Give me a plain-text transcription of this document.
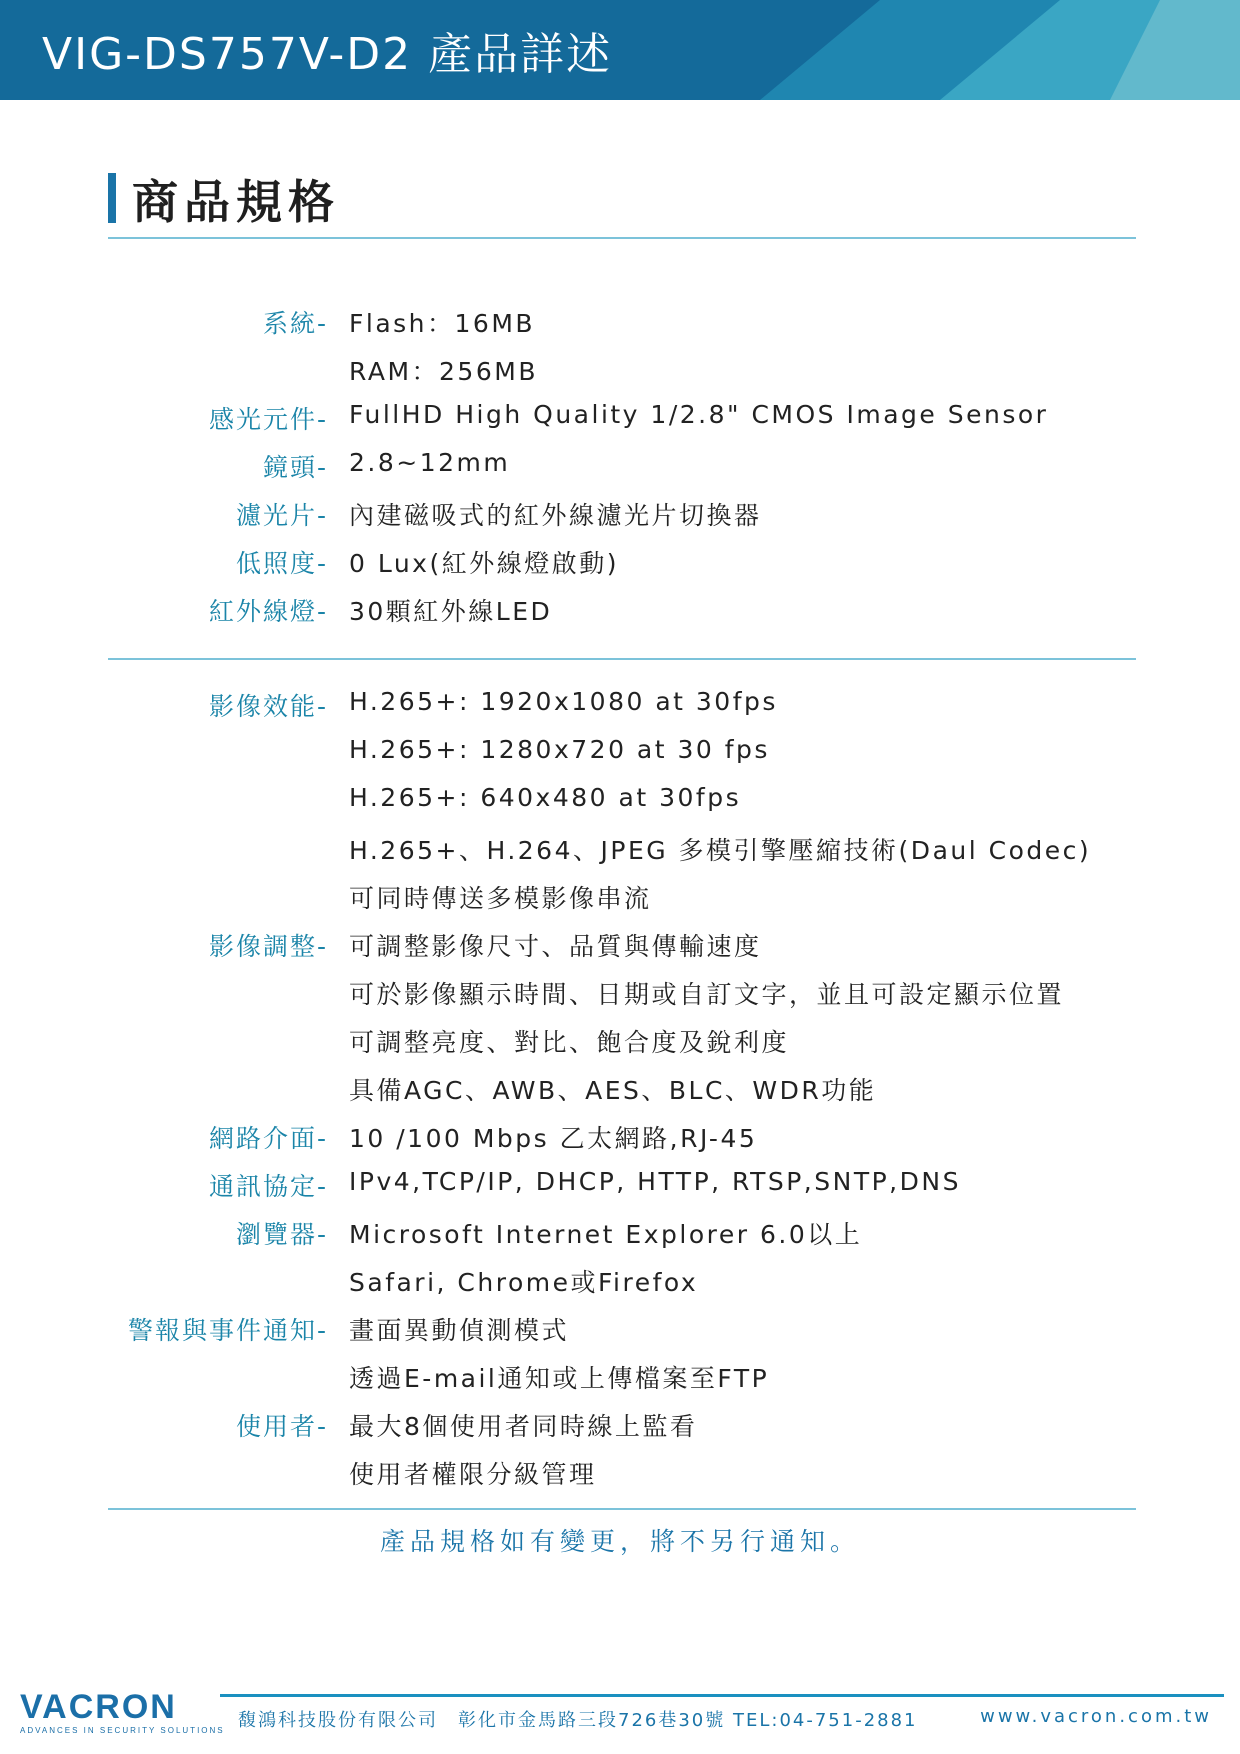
VIG-DS757V-D2 產品詳述
商品規格
系統- Flash：16MB
RAM：256MB
感光元件- FullHD High Quality 1/2.8" CMOS Image Sensor
鏡頭- 2.8~12mm
濾光片- 內建磁吸式的紅外線濾光片切換器
低照度- 0 Lux(紅外線燈啟動)
紅外線燈- 30顆紅外線LED
影像效能- H.265+: 1920x1080 at 30fps
H.265+: 1280x720 at 30 fps
H.265+: 640x480 at 30fps
H.265+、H.264、JPEG 多模引擎壓縮技術(Daul Codec)
可同時傳送多模影像串流
影像調整- 可調整影像尺寸、品質與傳輸速度
可於影像顯示時間、日期或自訂文字，並且可設定顯示位置
可調整亮度、對比、飽合度及銳利度
具備AGC、AWB、AES、BLC、WDR功能
網路介面- 10 /100 Mbps 乙太網路,RJ-45
通訊協定- IPv4,TCP/IP, DHCP, HTTP, RTSP,SNTP,DNS
瀏覽器- Microsoft Internet Explorer 6.0以上
Safari, Chrome或Firefox
警報與事件通知- 畫面異動偵測模式
透過E-mail通知或上傳檔案至FTP
使用者- 最大8個使用者同時線上監看
使用者權限分級管理
產品規格如有變更，將不另行通知。
VACRON
ADVANCES IN SECURITY SOLUTIONS 馥鴻科技股份有限公司　彰化市金馬路三段726巷30號 TEL:04-751-2881	www.vacron.com.tw
